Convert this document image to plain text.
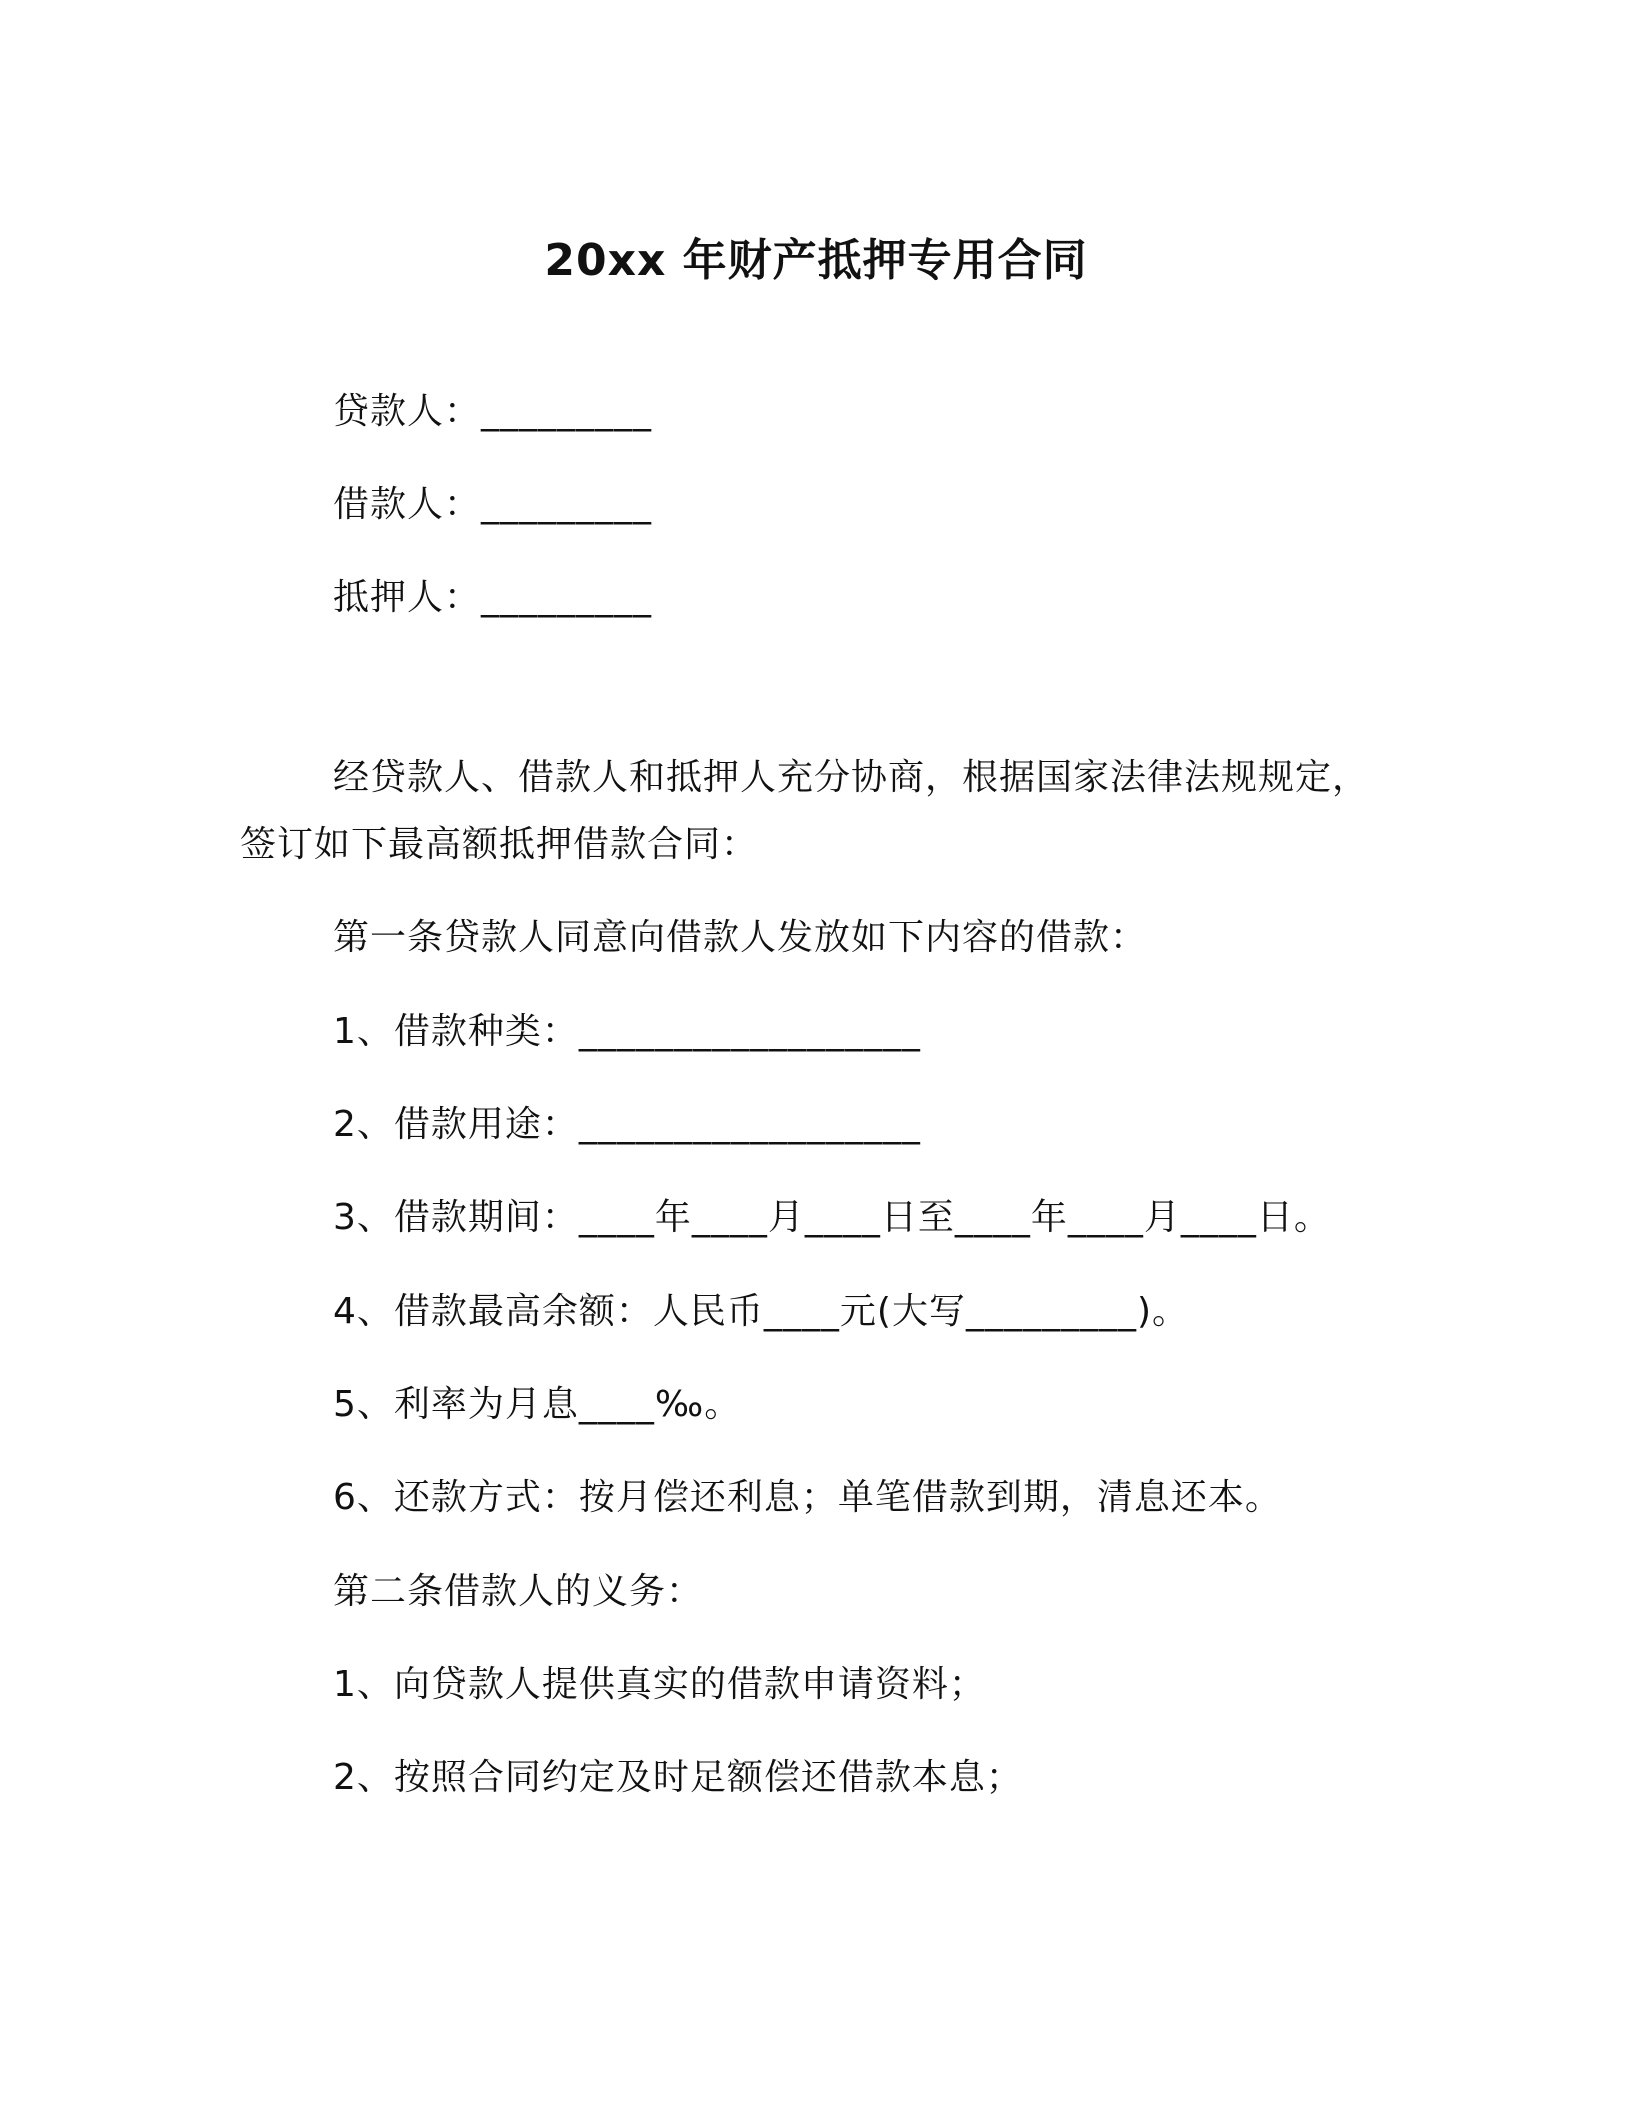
20xx 年财产抵押专用合同
贷款人：_________
借款人：_________
抵押人：_________
经贷款人、借款人和抵押人充分协商，根据国家法律法规规定，
签订如下最高额抵押借款合同：
第一条贷款人同意向借款人发放如下内容的借款：
1、借款种类：__________________
2、借款用途：__________________
3、借款期间：____年____月____日至____年____月____日。
4、借款最高余额：人民币____元(大写_________)。
5、利率为月息____‰。
6、还款方式：按月偿还利息；单笔借款到期，清息还本。
第二条借款人的义务：
1、向贷款人提供真实的借款申请资料；
2、按照合同约定及时足额偿还借款本息；
